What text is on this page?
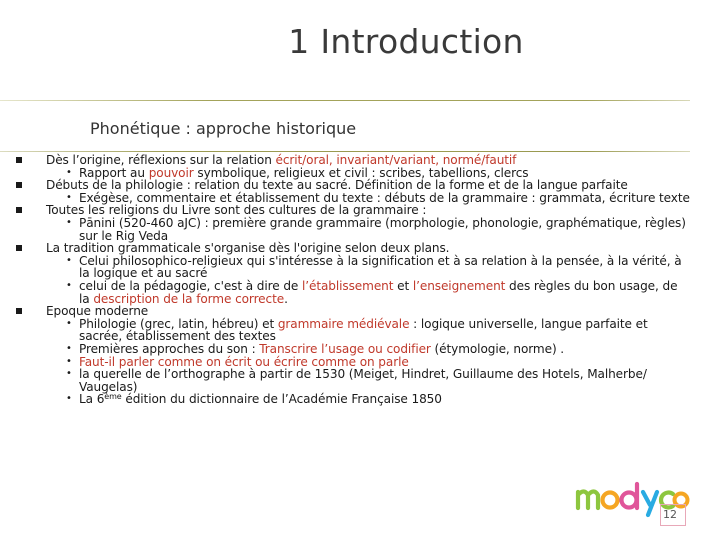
1 Introduction
Phonétique : approche historique
Dès l’origine, réflexions sur la relation écrit/oral, invariant/variant, normé/fautif
• Rapport au pouvoir symbolique, religieux et civil : scribes, tabellions, clercs
Débuts de la philologie : relation du texte au sacré. Définition de la forme et de la langue parfaite
• Exégèse, commentaire et établissement du texte : débuts de la grammaire : grammata, écriture texte
Toutes les religions du Livre sont des cultures de la grammaire :
• Pānini (520-460 aJC) : première grande grammaire (morphologie, phonologie, graphématique, règles) sur le Rig Veda
La tradition grammaticale s'organise dès l'origine selon deux plans.
• Celui philosophico-religieux qui s'intéresse à la signification et à sa relation à la pensée, à la vérité, à la logique et au sacré
• celui de la pédagogie, c'est à dire de l’établissement et l’enseignement des règles du bon usage, de la description de la forme correcte.
Epoque moderne
• Philologie (grec, latin, hébreu) et grammaire médiévale : logique universelle, langue parfaite et sacrée, établissement des textes
• Premières approches du son : Transcrire l’usage ou codifier (étymologie, norme) .
• Faut-il parler comme on écrit ou écrire comme on parle
• la querelle de l’orthographe à partir de 1530 (Meiget, Hindret, Guillaume des Hotels, Malherbe/ Vaugelas)
• La 6ème édition du dictionnaire de l’Académie Française 1850
12
